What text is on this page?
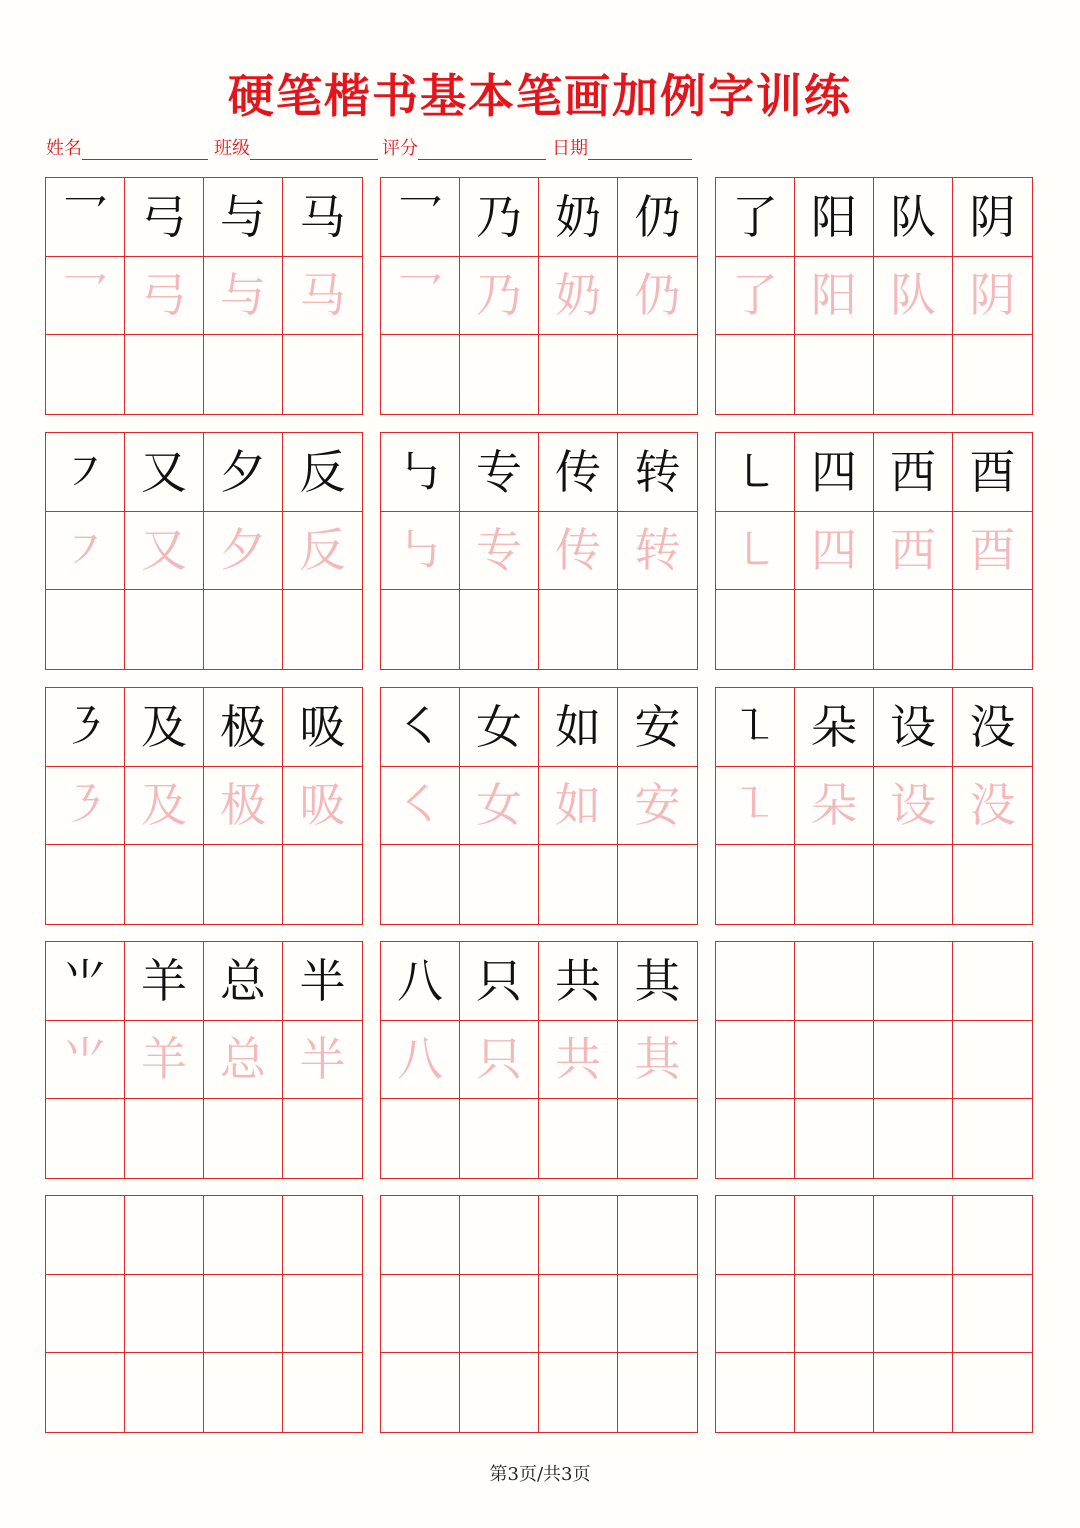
硬笔楷书基本笔画加例字训练
姓名	班级	评分	日期
⺂ 弓 与 马
⺂ 弓 与 马
乛 乃 奶 仍
乛 乃 奶 仍
了 阳 队 阴
了 阳 队 阴
㇇ 又 夕 反
㇇ 又 夕 反
㇉ 专 传 转
㇉ 专 传 转
㇄ 四 西 酉
㇄ 四 西 酉
㇋ 及 极 吸
㇋ 及 极 吸
㇛ 女 如 安
㇛ 女 如 安
㇅ 朵 设 没
㇅ 朵 设 没
⺌ 羊 总 半
⺌ 羊 总 半
八 只 共 其
八 只 共 其
第3页/共3页
